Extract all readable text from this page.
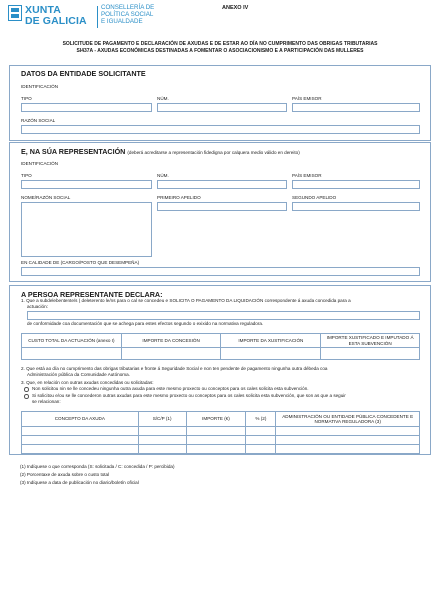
XUNTA
DE GALICIA
CONSELLERÍA DE
POLÍTICA SOCIAL
E IGUALDADE
ANEXO IV
SOLICITUDE DE PAGAMENTO E DECLARACIÓN DE AXUDAS E DE ESTAR AO DÍA NO CUMPRIMENTO DAS OBRIGAS TRIBUTARIAS
SI437A - AXUDAS ECONÓMICAS DESTINADAS A FOMENTAR O ASOCIACIONISMO E A PARTICIPACIÓN DAS MULLERES
DATOS DA ENTIDADE SOLICITANTE
IDENTIFICACIÓN
TIPO	NÚM.	PAÍS EMISOR
RAZÓN SOCIAL
E, NA SÚA REPRESENTACIÓN (deberá acreditarse a representación fidedigna por calquera medio válido en dereito)
IDENTIFICACIÓN
TIPO	NÚM.	PAÍS EMISOR
NOME/RAZÓN SOCIAL	PRIMEIRO APELIDO	SEGUNDO APELIDO
EN CALIDADE DE (CARGO/POSTO QUE DESEMPEÑA)
A PERSOA REPRESENTANTE DECLARA:
1. Que a subdelebentente/s ( deleterento le/ns para o cal se concedeu e SOLICITA O PAGAMENTO DA LIQUIDACIÓN correspondente á axuda concedida para a
actuación:
de conformidade coa documentación que se achega para estes efectos segundo o exixido na normativa reguladora.
CUSTO TOTAL DA ACTUACIÓN (anexo I)	IMPORTE DA CONCESIÓN	IMPORTE DA XUSTIFICACIÓN	IMPORTE XUSTIFICADO E IMPUTADO Á ESTA SUBVENCIÓN

2. Que está ao día no cumprimento das obrigas tributarias e fronte á Seguridade Social e non ten pendente de pagamento ningunha outra débeda coa
Administración pública da Comunidade Autónoma.
3. Que, en relación con outras axudas concedidas ou solicitadas:
Non solicitou nin se lle concedeu ningunha outra axuda para este mesmo proxecto ou conceptos para os cales solicita esta subvención.
Si solicitou e/ou se lle concederon outras axudas para este mesmo proxecto ou conceptos para os cales solicita esta subvención, que son as que a seguir
se relacionan:
CONCEPTO DA AXUDA	S/C/P (1)	IMPORTE (€)	% (2)	ADMINISTRACIÓN OU ENTIDADE PÚBLICA CONCEDENTE E NORMATIVA REGULADORA (3)

(1) Indíquese o que corresponda (S: solicitada / C: concedida / P: percibida)
(2) Porcentaxe de axuda sobre o custo total
(3) Indíquese a data de publicación no diario/boletín oficial
